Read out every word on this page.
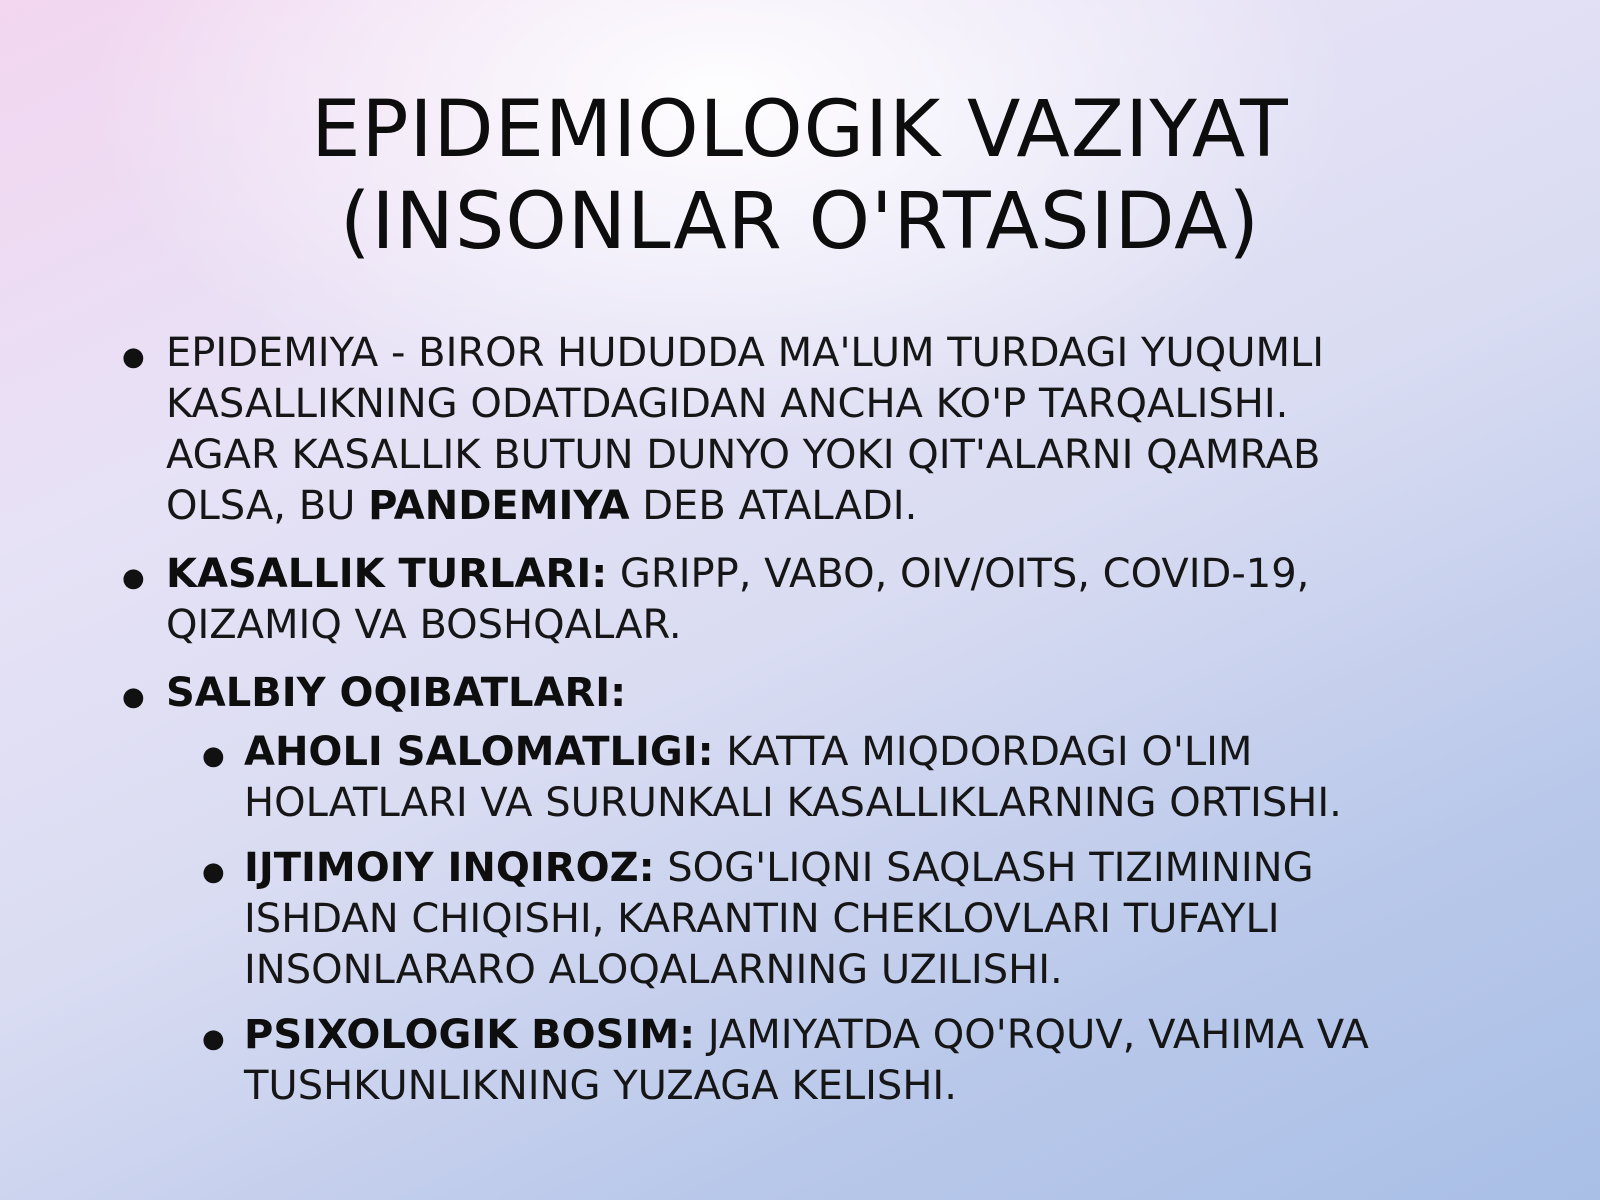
EPIDEMIOLOGIK VAZIYAT
(INSONLAR O'RTASIDA)
● EPIDEMIYA - BIROR HUDUDDA MA'LUM TURDAGI YUQUMLI
KASALLIKNING ODATDAGIDAN ANCHA KO'P TARQALISHI.
AGAR KASALLIK BUTUN DUNYO YOKI QIT'ALARNI QAMRAB
OLSA, BU PANDEMIYA DEB ATALADI.
● KASALLIK TURLARI: GRIPP, VABO, OIV/OITS, COVID-19,
QIZAMIQ VA BOSHQALAR.
● SALBIY OQIBATLARI:
● AHOLI SALOMATLIGI: KATTA MIQDORDAGI O'LIM
HOLATLARI VA SURUNKALI KASALLIKLARNING ORTISHI.
● IJTIMOIY INQIROZ: SOG'LIQNI SAQLASH TIZIMINING
ISHDAN CHIQISHI, KARANTIN CHEKLOVLARI TUFAYLI
INSONLARARO ALOQALARNING UZILISHI.
● PSIXOLOGIK BOSIM: JAMIYATDA QO'RQUV, VAHIMA VA
TUSHKUNLIKNING YUZAGA KELISHI.
